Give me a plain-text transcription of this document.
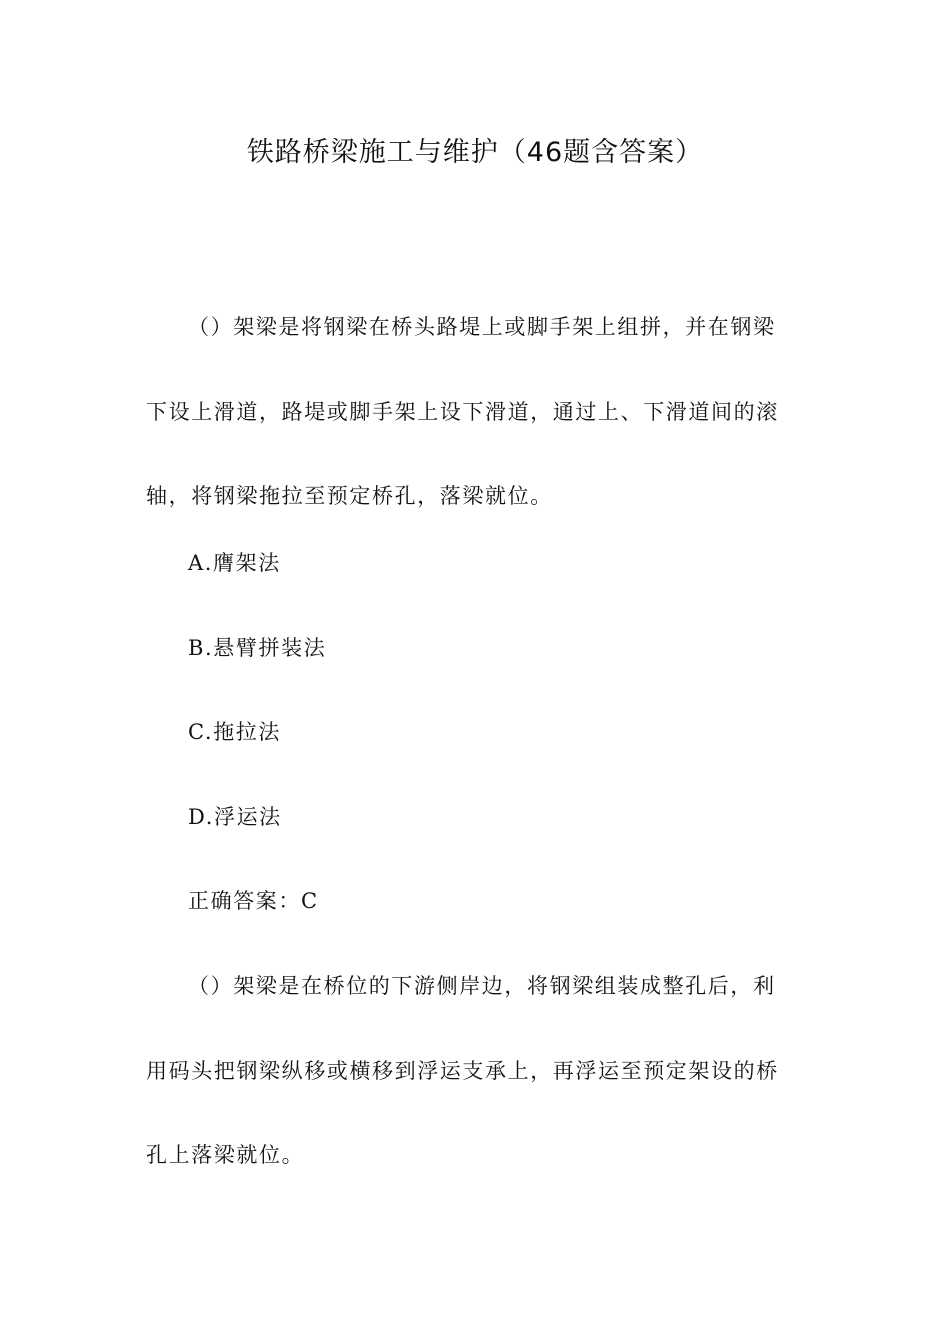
铁路桥梁施工与维护（46题含答案）

（）架梁是将钢梁在桥头路堤上或脚手架上组拼，并在钢梁下设上滑道，路堤或脚手架上设下滑道，通过上、下滑道间的滚轴，将钢梁拖拉至预定桥孔，落梁就位。

A.膺架法
B.悬臂拼装法
C.拖拉法
D.浮运法
正确答案：C

（）架梁是在桥位的下游侧岸边，将钢梁组装成整孔后，利用码头把钢梁纵移或横移到浮运支承上，再浮运至预定架设的桥孔上落梁就位。
